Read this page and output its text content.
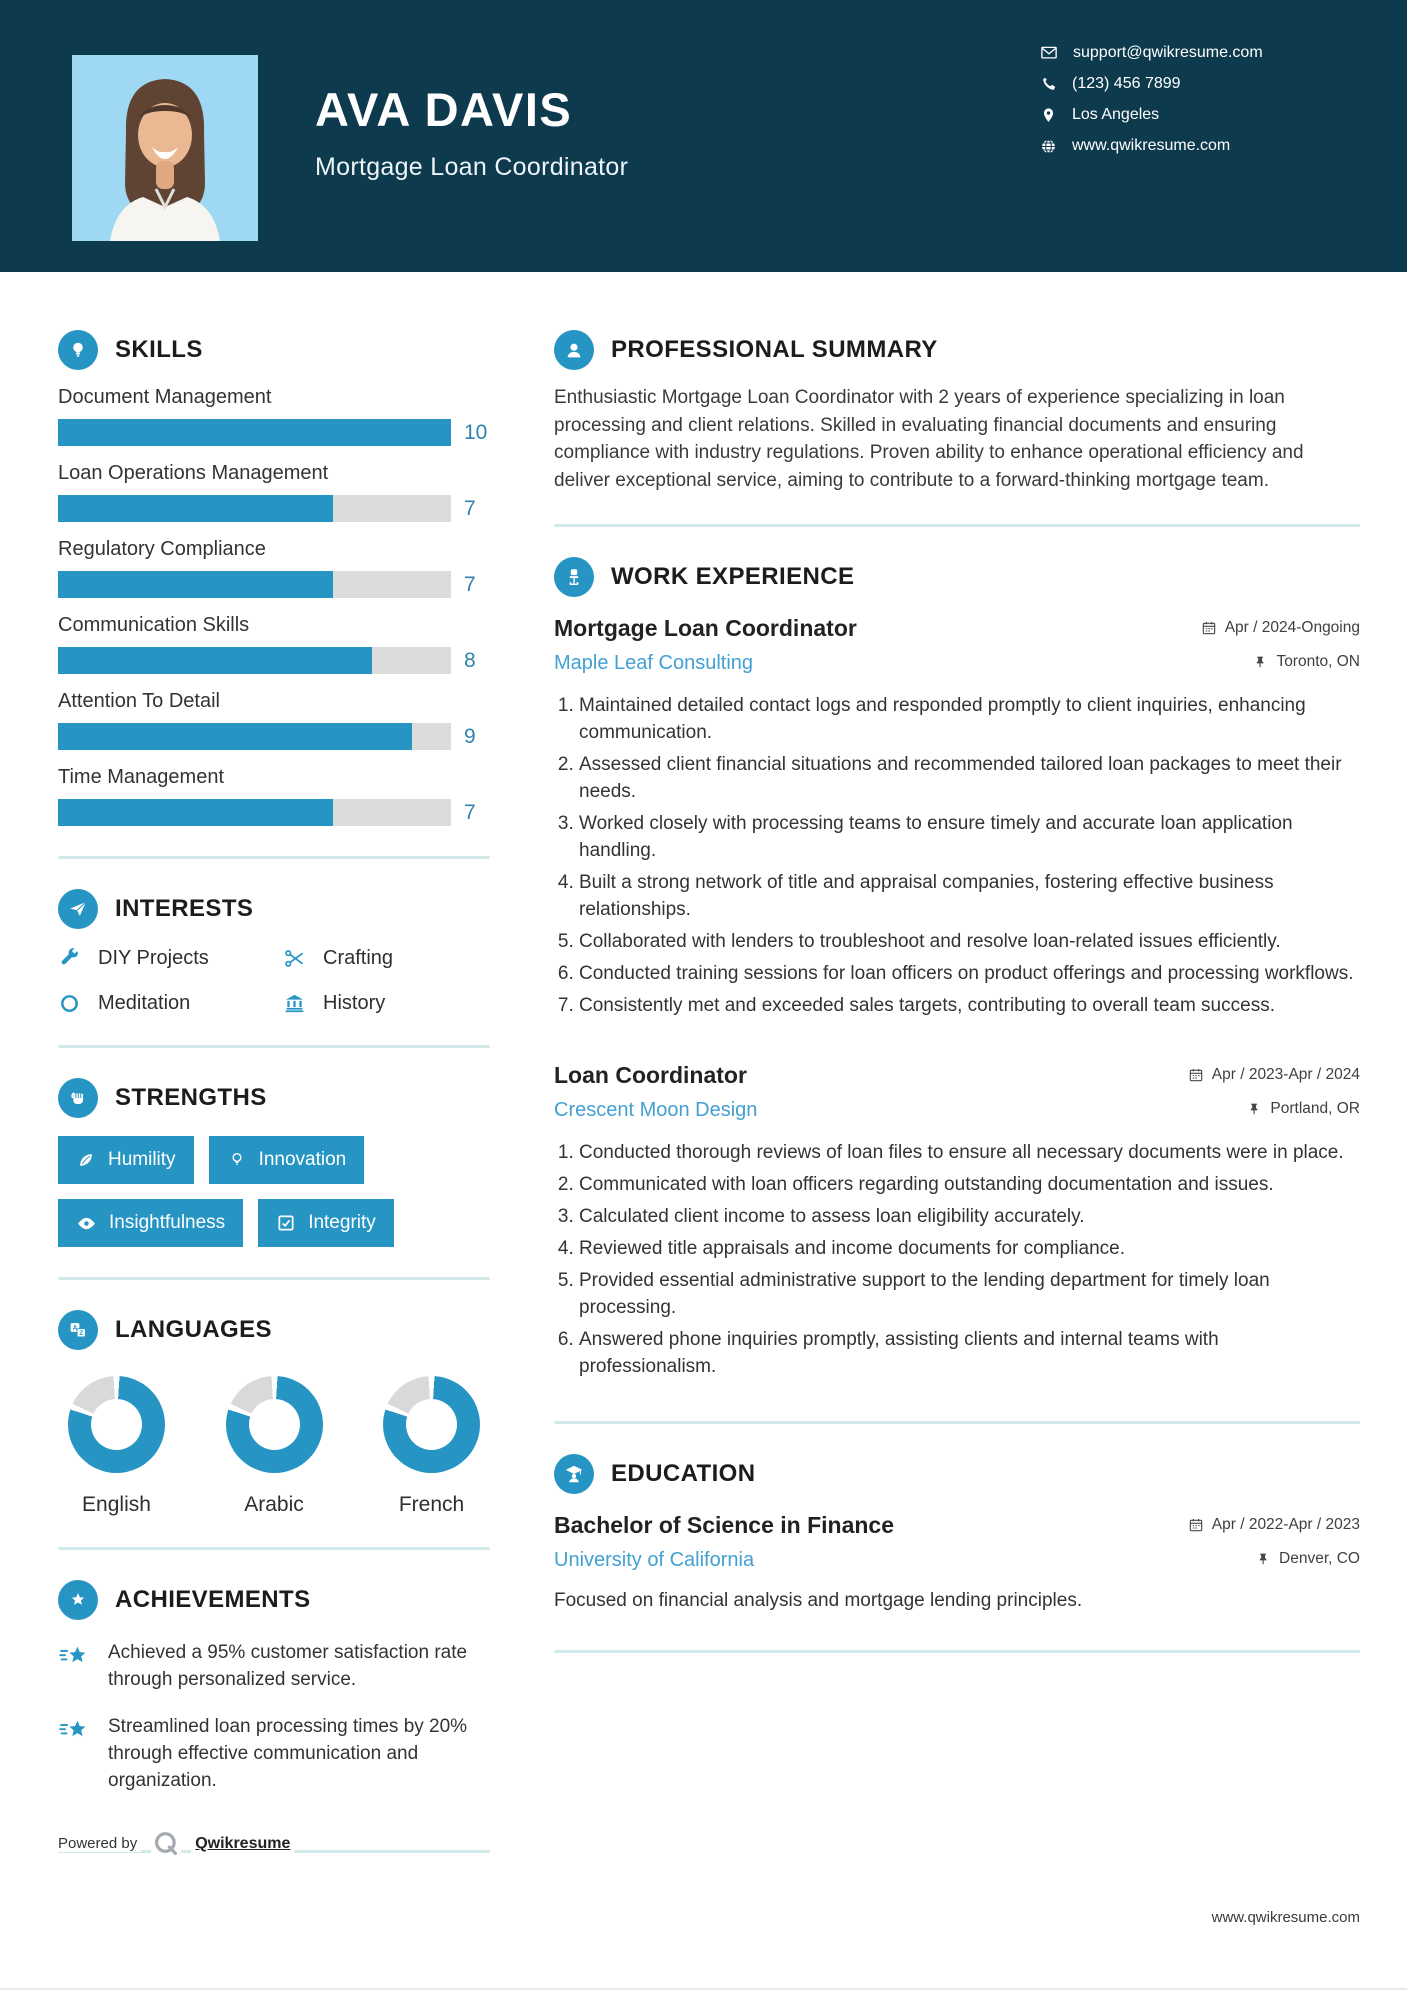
AVA DAVIS
Mortgage Loan Coordinator
support@qwikresume.com
(123) 456 7899
Los Angeles
www.qwikresume.com
SKILLS
Document Management
10
Loan Operations Management
7
Regulatory Compliance
7
Communication Skills
8
Attention To Detail
9
Time Management
7
INTERESTS
DIY Projects	Crafting
Meditation	History
STRENGTHS
Humility	Innovation
Insightfulness	Integrity
A
Z LANGUAGES
English	Arabic	French
ACHIEVEMENTS
Achieved a 95% customer satisfaction rate through personalized service.
Streamlined loan processing times by 20% through effective communication and organization.
Powered by	Qwikresume
PROFESSIONAL SUMMARY

Enthusiastic Mortgage Loan Coordinator with 2 years of experience specializing in loan processing and client relations. Skilled in evaluating financial documents and ensuring compliance with industry regulations. Proven ability to enhance operational efficiency and deliver exceptional service, aiming to contribute to a forward-thinking mortgage team.

WORK EXPERIENCE
Mortgage Loan Coordinator	Apr / 2024-Ongoing
Maple Leaf Consulting	Toronto, ON
1. Maintained detailed contact logs and responded promptly to client inquiries, enhancing communication.
2. Assessed client financial situations and recommended tailored loan packages to meet their needs.
3. Worked closely with processing teams to ensure timely and accurate loan application handling.
4. Built a strong network of title and appraisal companies, fostering effective business relationships.
5. Collaborated with lenders to troubleshoot and resolve loan-related issues efficiently.
6. Conducted training sessions for loan officers on product offerings and processing workflows.
7. Consistently met and exceeded sales targets, contributing to overall team success.
Loan Coordinator	Apr / 2023-Apr / 2024
Crescent Moon Design	Portland, OR
1. Conducted thorough reviews of loan files to ensure all necessary documents were in place.
2. Communicated with loan officers regarding outstanding documentation and issues.
3. Calculated client income to assess loan eligibility accurately.
4. Reviewed title appraisals and income documents for compliance.
5. Provided essential administrative support to the lending department for timely loan processing.
6. Answered phone inquiries promptly, assisting clients and internal teams with professionalism.
EDUCATION
Bachelor of Science in Finance	Apr / 2022-Apr / 2023
University of California	Denver, CO

Focused on financial analysis and mortgage lending principles.

www.qwikresume.com
